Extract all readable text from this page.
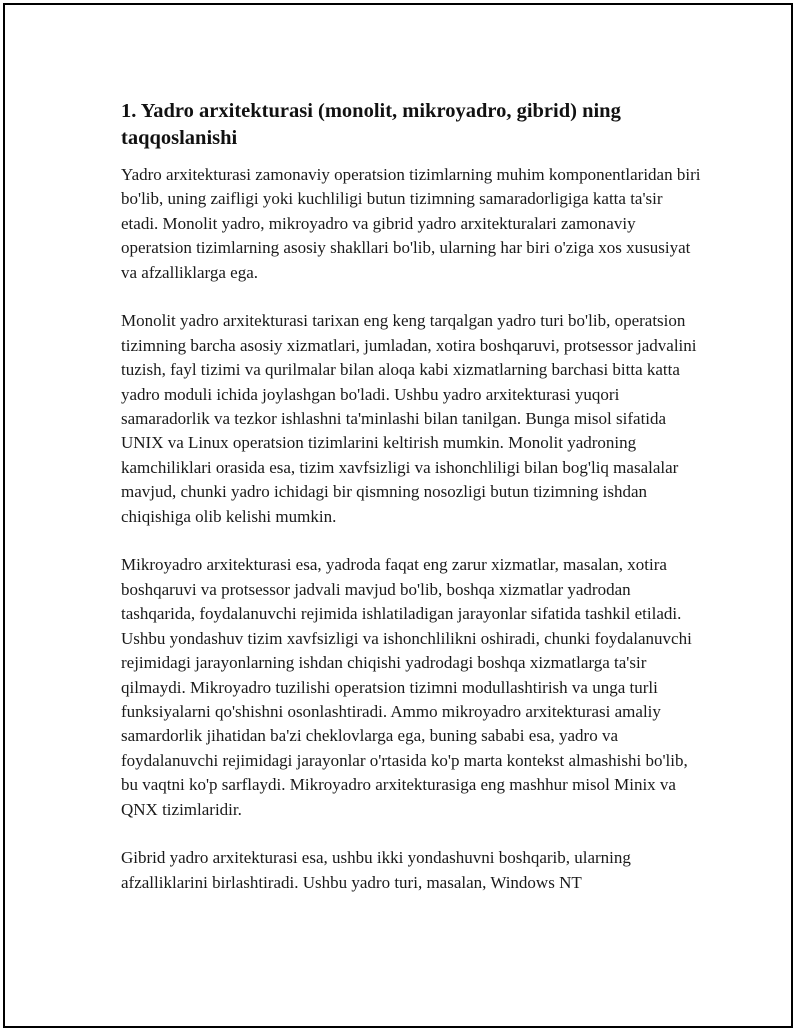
1. Yadro arxitekturasi (monolit, mikroyadro, gibrid) ning taqqoslanishi

Yadro arxitekturasi zamonaviy operatsion tizimlarning muhim komponentlaridan biri bo'lib, uning zaifligi yoki kuchliligi butun tizimning samaradorligiga katta ta'sir etadi. Monolit yadro, mikroyadro va gibrid yadro arxitekturalari zamonaviy operatsion tizimlarning asosiy shakllari bo'lib, ularning har biri o'ziga xos xususiyat va afzalliklarga ega.

Monolit yadro arxitekturasi tarixan eng keng tarqalgan yadro turi bo'lib, operatsion tizimning barcha asosiy xizmatlari, jumladan, xotira boshqaruvi, protsessor jadvalini tuzish, fayl tizimi va qurilmalar bilan aloqa kabi xizmatlarning barchasi bitta katta yadro moduli ichida joylashgan bo'ladi. Ushbu yadro arxitekturasi yuqori samaradorlik va tezkor ishlashni ta'minlashi bilan tanilgan. Bunga misol sifatida UNIX va Linux operatsion tizimlarini keltirish mumkin. Monolit yadroning kamchiliklari orasida esa, tizim xavfsizligi va ishonchliligi bilan bog'liq masalalar mavjud, chunki yadro ichidagi bir qismning nosozligi butun tizimning ishdan chiqishiga olib kelishi mumkin.

Mikroyadro arxitekturasi esa, yadroda faqat eng zarur xizmatlar, masalan, xotira boshqaruvi va protsessor jadvali mavjud bo'lib, boshqa xizmatlar yadrodan tashqarida, foydalanuvchi rejimida ishlatiladigan jarayonlar sifatida tashkil etiladi. Ushbu yondashuv tizim xavfsizligi va ishonchlilikni oshiradi, chunki foydalanuvchi rejimidagi jarayonlarning ishdan chiqishi yadrodagi boshqa xizmatlarga ta'sir qilmaydi. Mikroyadro tuzilishi operatsion tizimni modullashtirish va unga turli funksiyalarni qo'shishni osonlashtiradi. Ammo mikroyadro arxitekturasi amaliy samardorlik jihatidan ba'zi cheklovlarga ega, buning sababi esa, yadro va foydalanuvchi rejimidagi jarayonlar o'rtasida ko'p marta kontekst almashishi bo'lib, bu vaqtni ko'p sarflaydi. Mikroyadro arxitekturasiga eng mashhur misol Minix va QNX tizimlaridir.

Gibrid yadro arxitekturasi esa, ushbu ikki yondashuvni boshqarib, ularning afzalliklarini birlashtiradi. Ushbu yadro turi, masalan, Windows NT
